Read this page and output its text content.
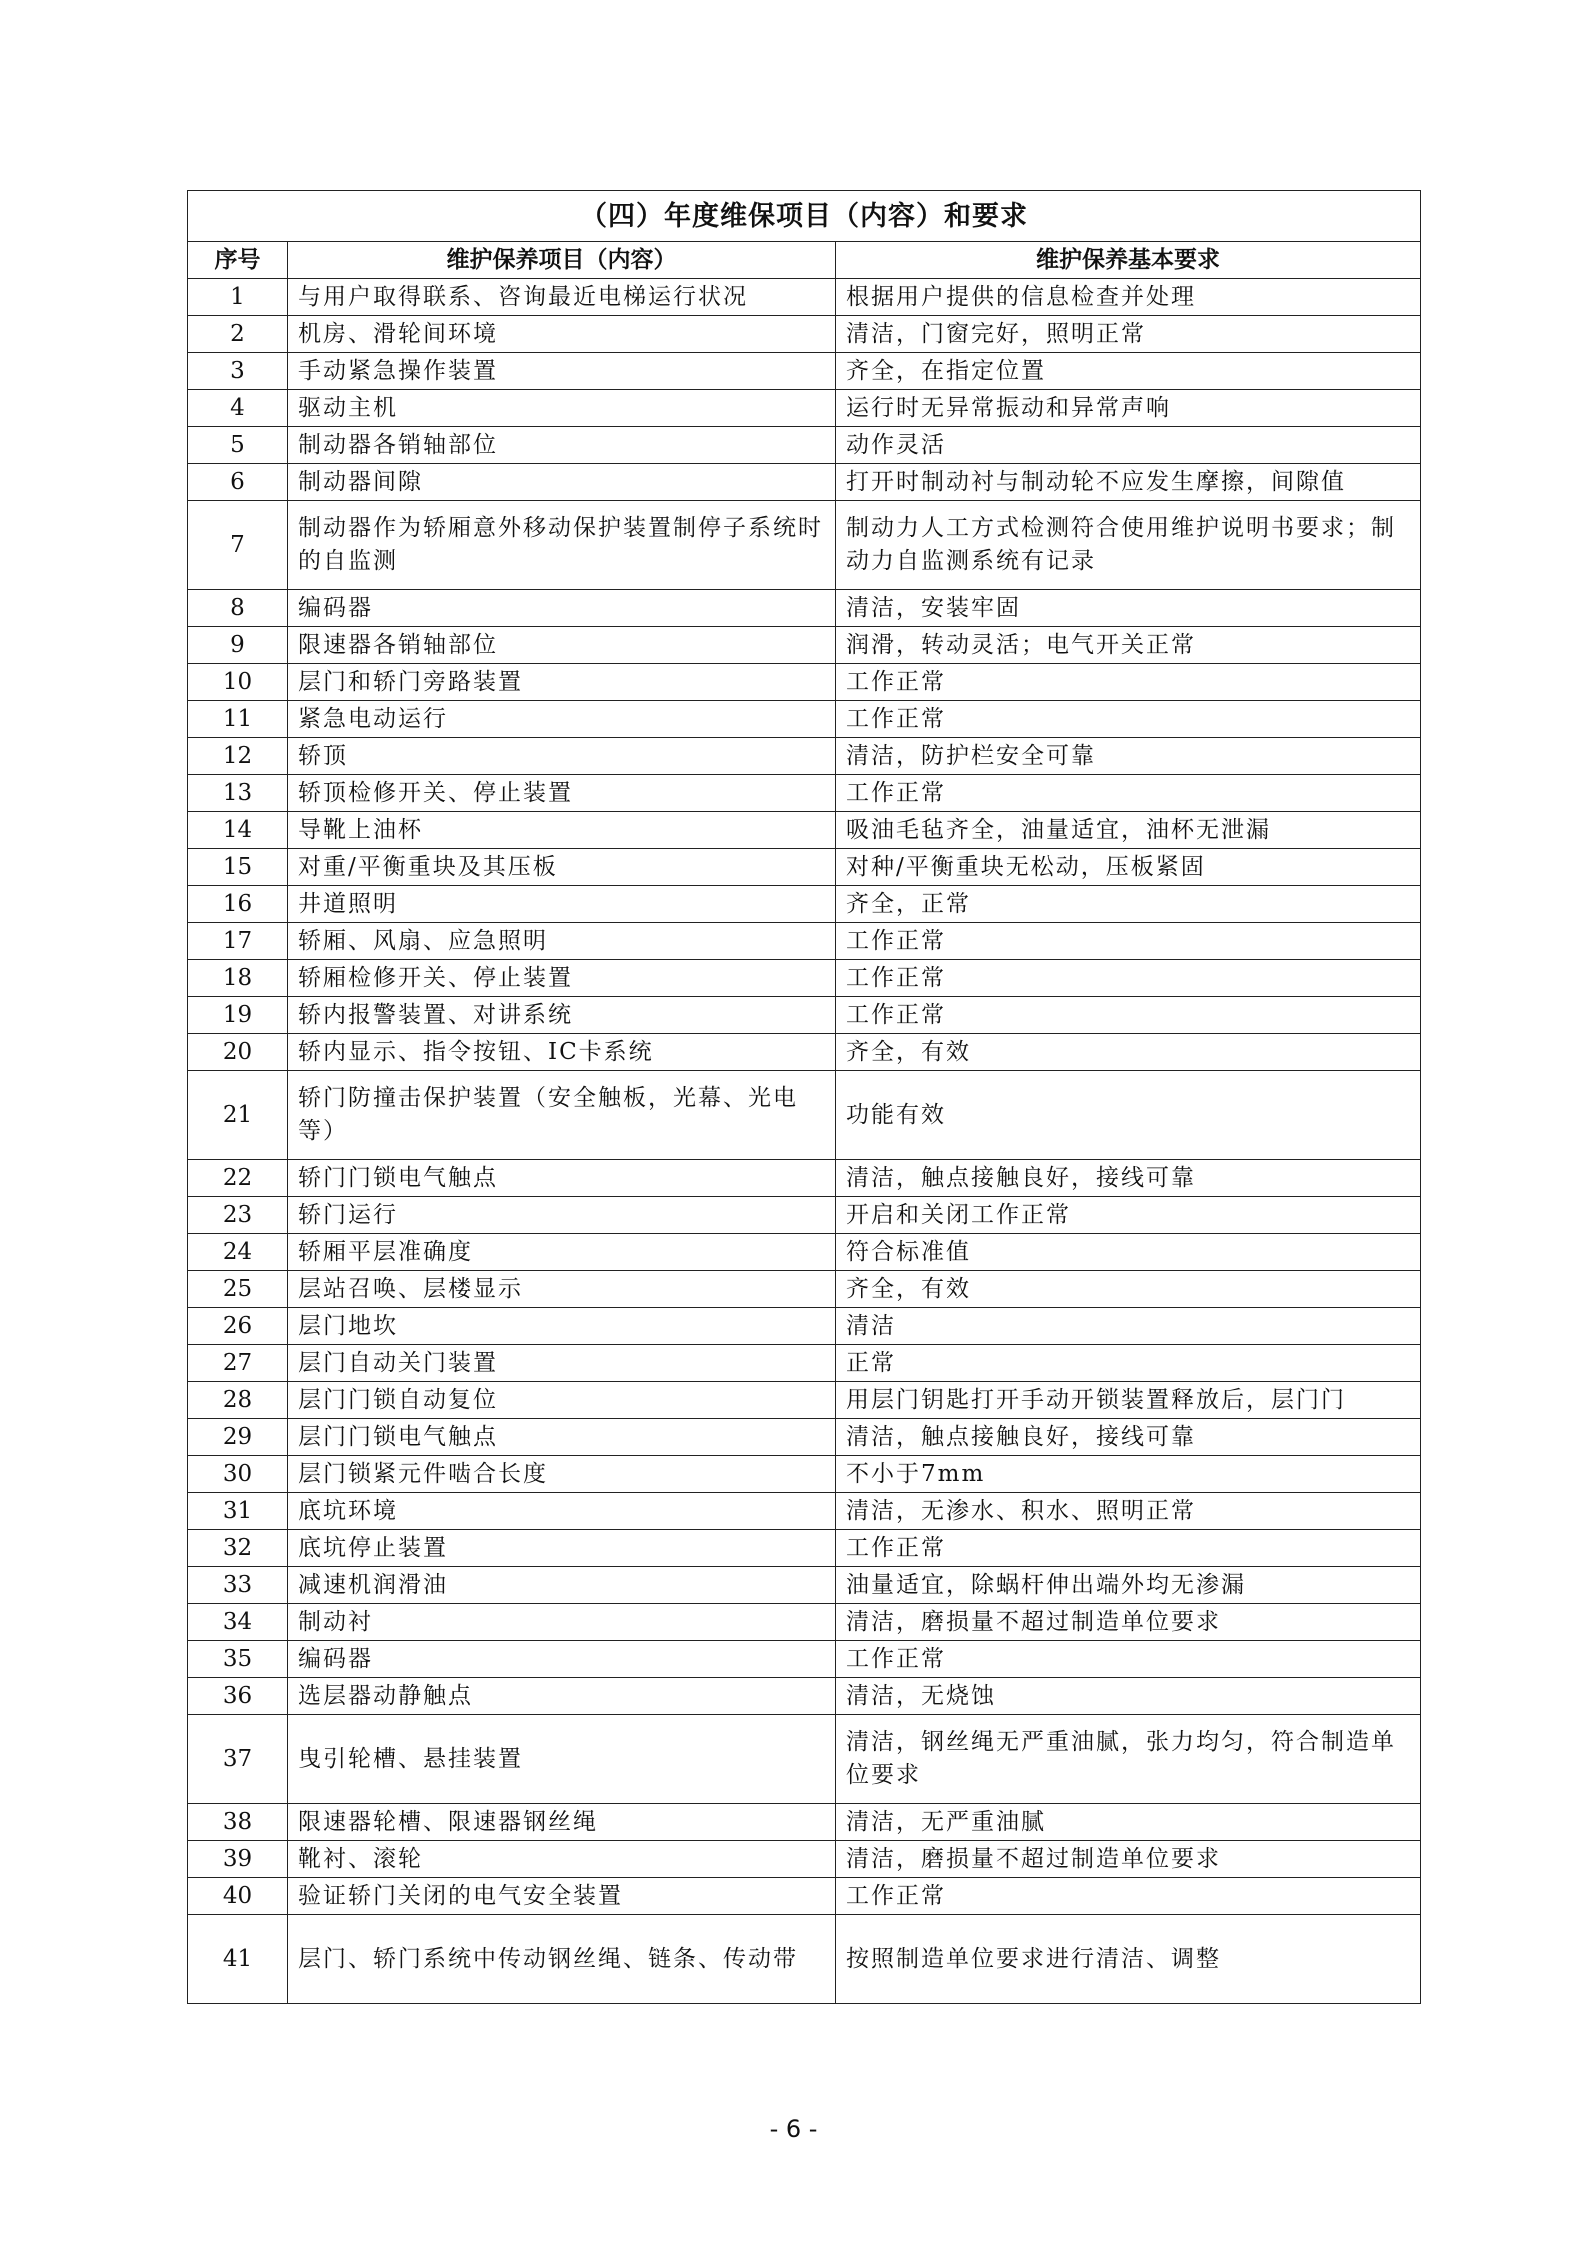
（四）年度维保项目（内容）和要求		
序号	维护保养项目（内容）	维护保养基本要求
1	与用户取得联系、咨询最近电梯运行状况	根据用户提供的信息检查并处理
2	机房、滑轮间环境	清洁，门窗完好，照明正常
3	手动紧急操作装置	齐全，在指定位置
4	驱动主机	运行时无异常振动和异常声响
5	制动器各销轴部位	动作灵活
6	制动器间隙	打开时制动衬与制动轮不应发生摩擦，间隙值
7	制动器作为轿厢意外移动保护装置制停子系统时的自监测	制动力人工方式检测符合使用维护说明书要求；制动力自监测系统有记录
8	编码器	清洁，安装牢固
9	限速器各销轴部位	润滑，转动灵活；电气开关正常
10	层门和轿门旁路装置	工作正常
11	紧急电动运行	工作正常
12	轿顶	清洁，防护栏安全可靠
13	轿顶检修开关、停止装置	工作正常
14	导靴上油杯	吸油毛毡齐全，油量适宜，油杯无泄漏
15	对重/平衡重块及其压板	对种/平衡重块无松动，压板紧固
16	井道照明	齐全，正常
17	轿厢、风扇、应急照明	工作正常
18	轿厢检修开关、停止装置	工作正常
19	轿内报警装置、对讲系统	工作正常
20	轿内显示、指令按钮、IC卡系统	齐全，有效
21	轿门防撞击保护装置（安全触板，光幕、光电等）	功能有效
22	轿门门锁电气触点	清洁，触点接触良好，接线可靠
23	轿门运行	开启和关闭工作正常
24	轿厢平层准确度	符合标准值
25	层站召唤、层楼显示	齐全，有效
26	层门地坎	清洁
27	层门自动关门装置	正常
28	层门门锁自动复位	用层门钥匙打开手动开锁装置释放后，层门门
29	层门门锁电气触点	清洁，触点接触良好，接线可靠
30	层门锁紧元件啮合长度	不小于7mm
31	底坑环境	清洁，无渗水、积水、照明正常
32	底坑停止装置	工作正常
33	减速机润滑油	油量适宜，除蜗杆伸出端外均无渗漏
34	制动衬	清洁，磨损量不超过制造单位要求
35	编码器	工作正常
36	选层器动静触点	清洁，无烧蚀
37	曳引轮槽、悬挂装置	清洁，钢丝绳无严重油腻，张力均匀，符合制造单位要求
38	限速器轮槽、限速器钢丝绳	清洁，无严重油腻
39	靴衬、滚轮	清洁，磨损量不超过制造单位要求
40	验证轿门关闭的电气安全装置	工作正常
41	层门、轿门系统中传动钢丝绳、链条、传动带	按照制造单位要求进行清洁、调整
- 6 -
